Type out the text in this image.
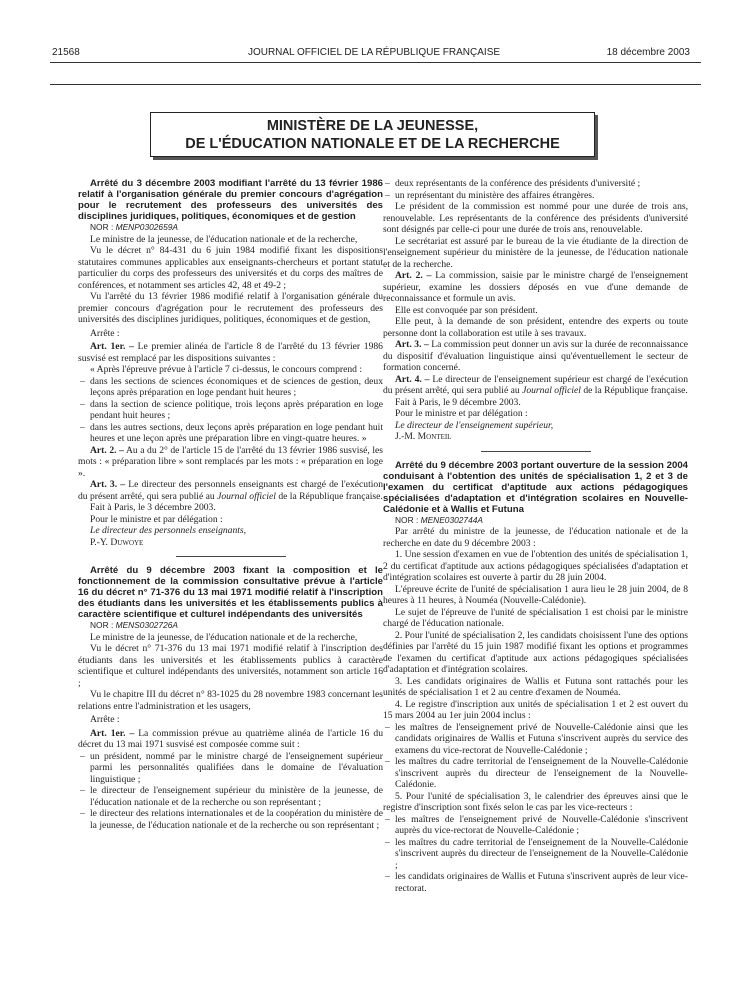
21568	JOURNAL OFFICIEL DE LA RÉPUBLIQUE FRANÇAISE	18 décembre 2003
MINISTÈRE DE LA JEUNESSE,
DE L'ÉDUCATION NATIONALE ET DE LA RECHERCHE

Arrêté du 3 décembre 2003 modifiant l'arrêté du 13 février 1986 relatif à l'organisation générale du premier concours d'agrégation pour le recrutement des professeurs des universités des disciplines juridiques, politiques, économiques et de gestion

NOR : MENP0302659A

Le ministre de la jeunesse, de l'éducation nationale et de la recherche,

Vu le décret n° 84-431 du 6 juin 1984 modifié fixant les dispositions statutaires communes applicables aux enseignants-chercheurs et portant statut particulier du corps des professeurs des universités et du corps des maîtres de conférences, et notamment ses articles 42, 48 et 49-2 ;

Vu l'arrêté du 13 février 1986 modifié relatif à l'organisation générale du premier concours d'agrégation pour le recrutement des professeurs des universités des disciplines juridiques, politiques, économiques et de gestion,

Arrête :

Art. 1er. – Le premier alinéa de l'article 8 de l'arrêté du 13 février 1986 susvisé est remplacé par les dispositions suivantes :

« Après l'épreuve prévue à l'article 7 ci-dessus, le concours comprend :

– dans les sections de sciences économiques et de sciences de gestion, deux leçons après préparation en loge pendant huit heures ;
– dans la section de science politique, trois leçons après préparation en loge pendant huit heures ;
– dans les autres sections, deux leçons après préparation en loge pendant huit heures et une leçon après une préparation libre en vingt-quatre heures. »

Art. 2. – Au a du 2° de l'article 15 de l'arrêté du 13 février 1986 susvisé, les mots : « préparation libre » sont remplacés par les mots : « préparation en loge ».

Art. 3. – Le directeur des personnels enseignants est chargé de l'exécution du présent arrêté, qui sera publié au Journal officiel de la République française.

Fait à Paris, le 3 décembre 2003.

Pour le ministre et par délégation :

Le directeur des personnels enseignants,

P.-Y. Duwoye

Arrêté du 9 décembre 2003 fixant la composition et le fonctionnement de la commission consultative prévue à l'article 16 du décret n° 71-376 du 13 mai 1971 modifié relatif à l'inscription des étudiants dans les universités et les établissements publics à caractère scientifique et culturel indépendants des universités

NOR : MENS0302726A

Le ministre de la jeunesse, de l'éducation nationale et de la recherche,

Vu le décret n° 71-376 du 13 mai 1971 modifié relatif à l'inscription des étudiants dans les universités et les établissements publics à caractère scientifique et culturel indépendants des universités, notamment son article 16 ;

Vu le chapitre III du décret n° 83-1025 du 28 novembre 1983 concernant les relations entre l'administration et les usagers,

Arrête :

Art. 1er. – La commission prévue au quatrième alinéa de l'article 16 du décret du 13 mai 1971 susvisé est composée comme suit :

– un président, nommé par le ministre chargé de l'enseignement supérieur parmi les personnalités qualifiées dans le domaine de l'évaluation linguistique ;
– le directeur de l'enseignement supérieur du ministère de la jeunesse, de l'éducation nationale et de la recherche ou son représentant ;
– le directeur des relations internationales et de la coopération du ministère de la jeunesse, de l'éducation nationale et de la recherche ou son représentant ;
– deux représentants de la conférence des présidents d'université ;
– un représentant du ministère des affaires étrangères.

Le président de la commission est nommé pour une durée de trois ans, renouvelable. Les représentants de la conférence des présidents d'université sont désignés par celle-ci pour une durée de trois ans, renouvelable.

Le secrétariat est assuré par le bureau de la vie étudiante de la direction de l'enseignement supérieur du ministère de la jeunesse, de l'éducation nationale et de la recherche.

Art. 2. – La commission, saisie par le ministre chargé de l'enseignement supérieur, examine les dossiers déposés en vue d'une demande de reconnaissance et formule un avis.

Elle est convoquée par son président.

Elle peut, à la demande de son président, entendre des experts ou toute personne dont la collaboration est utile à ses travaux.

Art. 3. – La commission peut donner un avis sur la durée de reconnaissance du dispositif d'évaluation linguistique ainsi qu'éventuellement le secteur de formation concerné.

Art. 4. – Le directeur de l'enseignement supérieur est chargé de l'exécution du présent arrêté, qui sera publié au Journal officiel de la République française.

Fait à Paris, le 9 décembre 2003.

Pour le ministre et par délégation :

Le directeur de l'enseignement supérieur,

J.-M. Monteil

Arrêté du 9 décembre 2003 portant ouverture de la session 2004 conduisant à l'obtention des unités de spécialisation 1, 2 et 3 de l'examen du certificat d'aptitude aux actions pédagogiques spécialisées d'adaptation et d'intégration scolaires en Nouvelle-Calédonie et à Wallis et Futuna

NOR : MENE0302744A

Par arrêté du ministre de la jeunesse, de l'éducation nationale et de la recherche en date du 9 décembre 2003 :

1. Une session d'examen en vue de l'obtention des unités de spécialisation 1, 2 du certificat d'aptitude aux actions pédagogiques spécialisées d'adaptation et d'intégration scolaires est ouverte à partir du 28 juin 2004.

L'épreuve écrite de l'unité de spécialisation 1 aura lieu le 28 juin 2004, de 8 heures à 11 heures, à Nouméa (Nouvelle-Calédonie).

Le sujet de l'épreuve de l'unité de spécialisation 1 est choisi par le ministre chargé de l'éducation nationale.

2. Pour l'unité de spécialisation 2, les candidats choisissent l'une des options définies par l'arrêté du 15 juin 1987 modifié fixant les options et programmes de l'examen du certificat d'aptitude aux actions pédagogiques spécialisées d'adaptation et d'intégration scolaires.

3. Les candidats originaires de Wallis et Futuna sont rattachés pour les unités de spécialisation 1 et 2 au centre d'examen de Nouméa.

4. Le registre d'inscription aux unités de spécialisation 1 et 2 est ouvert du 15 mars 2004 au 1er juin 2004 inclus :

– les maîtres de l'enseignement privé de Nouvelle-Calédonie ainsi que les candidats originaires de Wallis et Futuna s'inscrivent auprès du service des examens du vice-rectorat de Nouvelle-Calédonie ;
– les maîtres du cadre territorial de l'enseignement de la Nouvelle-Calédonie s'inscrivent auprès du directeur de l'enseignement de la Nouvelle-Calédonie.

5. Pour l'unité de spécialisation 3, le calendrier des épreuves ainsi que le registre d'inscription sont fixés selon le cas par les vice-recteurs :

– les maîtres de l'enseignement privé de Nouvelle-Calédonie s'inscrivent auprès du vice-rectorat de Nouvelle-Calédonie ;
– les maîtres du cadre territorial de l'enseignement de la Nouvelle-Calédonie s'inscrivent auprès du directeur de l'enseignement de la Nouvelle-Calédonie ;
– les candidats originaires de Wallis et Futuna s'inscrivent auprès de leur vice-rectorat.
